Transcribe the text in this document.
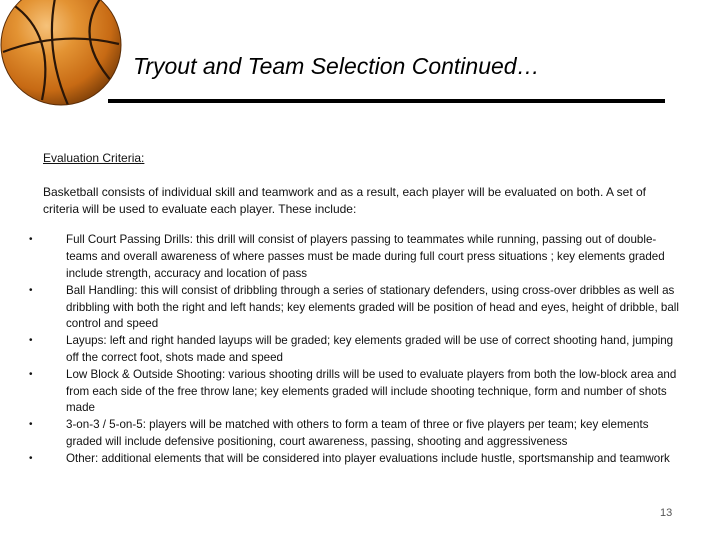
Tryout and Team Selection Continued…

Evaluation Criteria:

Basketball consists of individual skill and teamwork and as a result, each player will be evaluated on both. A set of criteria will be used to evaluate each player. These include:

•	Full Court Passing Drills: this drill will consist of players passing to teammates while running, passing out of double-teams and overall awareness of where passes must be made during full court press situations ; key elements graded include strength, accuracy and location of pass
•	Ball Handling: this will consist of dribbling through a series of stationary defenders, using cross-over dribbles as well as dribbling with both the right and left hands; key elements graded will be position of head and eyes, height of dribble, ball control and speed
•	Layups: left and right handed layups will be graded; key elements graded will be use of correct shooting hand, jumping off the correct foot, shots made and speed
•	Low Block & Outside Shooting: various shooting drills will be used to evaluate players from both the low-block area and from each side of the free throw lane; key elements graded will include shooting technique, form and number of shots made
•	3-on-3 / 5-on-5: players will be matched with others to form a team of three or five players per team; key elements graded will include defensive positioning, court awareness, passing, shooting and aggressiveness
•	Other: additional elements that will be considered into player evaluations include hustle, sportsmanship and teamwork
13
